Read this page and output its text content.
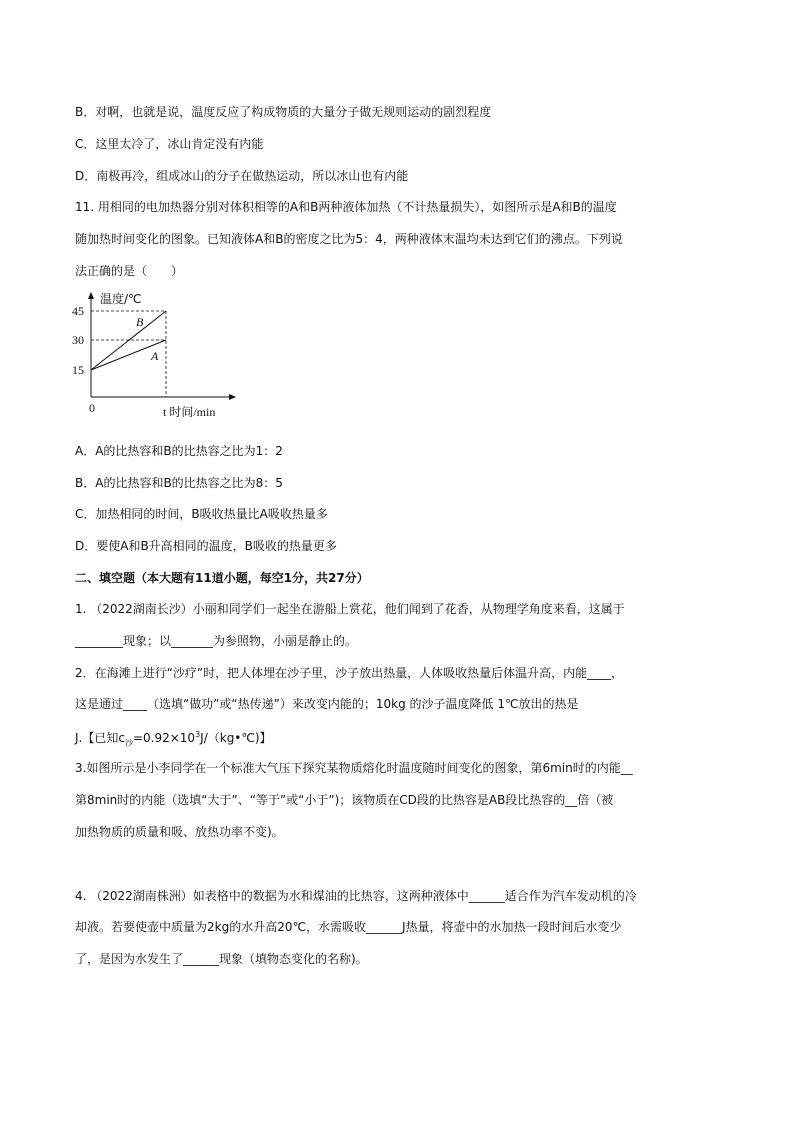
B．对啊，也就是说，温度反应了构成物质的大量分子做无规则运动的剧烈程度
C．这里太冷了，冰山肯定没有内能
D．南极再冷，组成冰山的分子在做热运动，所以冰山也有内能
11. 用相同的电加热器分别对体积相等的A和B两种液体加热（不计热量损失），如图所示是A和B的温度
随加热时间变化的图象。已知液体A和B的密度之比为5：4，两种液体末温均未达到它们的沸点。下列说
法正确的是（　　）
A
B
15
30
45
0	t 时间/min
温度/℃
A．A的比热容和B的比热容之比为1：2
B．A的比热容和B的比热容之比为8：5
C．加热相同的时间，B吸收热量比A吸收热量多
D．要使A和B升高相同的温度，B吸收的热量更多
二、填空题（本大题有11道小题，每空1分，共27分）
1. （2022湖南长沙）小丽和同学们一起坐在游船上赏花，他们闻到了花香，从物理学角度来看，这属于
________现象；以_______为参照物，小丽是静止的。
2．在海滩上进行“沙疗”时，把人体埋在沙子里，沙子放出热量，人体吸收热量后体温升高，内能____，
这是通过____（选填“做功”或“热传递”）来改变内能的；10kg 的沙子温度降低 1℃放出的热是
J.【已知$c_沙=0.92\times 10^3J/(kg•℃)$】
3.如图所示是小李同学在一个标准大气压下探究某物质熔化时温度随时间变化的图象，第6min时的内能__
第8min时的内能（选填“大于”、“等于”或“小于”)；该物质在CD段的比热容是AB段比热容的__倍（被
加热物质的质量和吸、放热功率不变)。
4. （2022湖南株洲）如表格中的数据为水和煤油的比热容，这两种液体中______适合作为汽车发动机的冷
却液。若要使壶中质量为2kg的水升高20℃，水需吸收______J热量，将壶中的水加热一段时间后水变少
了，是因为水发生了______现象（填物态变化的名称)。
